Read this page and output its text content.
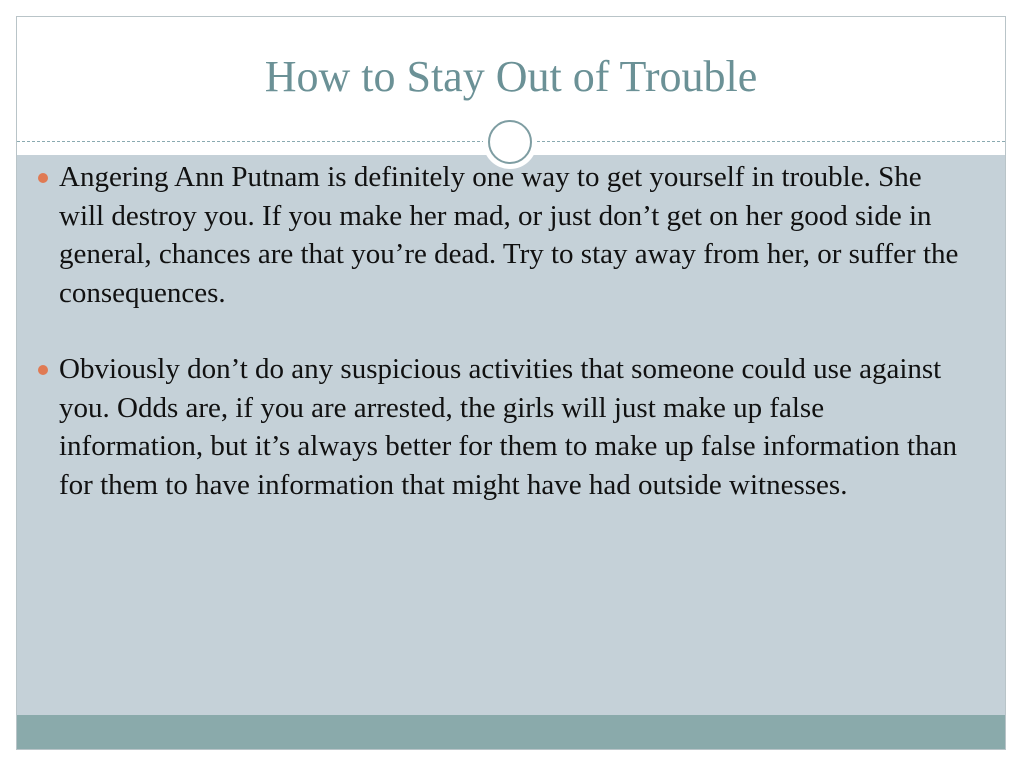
How to Stay Out of Trouble
Angering Ann Putnam is definitely one way to get yourself in trouble. She will destroy you. If you make her mad, or just don’t get on her good side in general, chances are that you’re dead. Try to stay away from her, or suffer the consequences.
Obviously don’t do any suspicious activities that someone could use against you. Odds are, if you are arrested, the girls will just make up false information, but it’s always better for them to make up false information than for them to have information that might have had outside witnesses.
